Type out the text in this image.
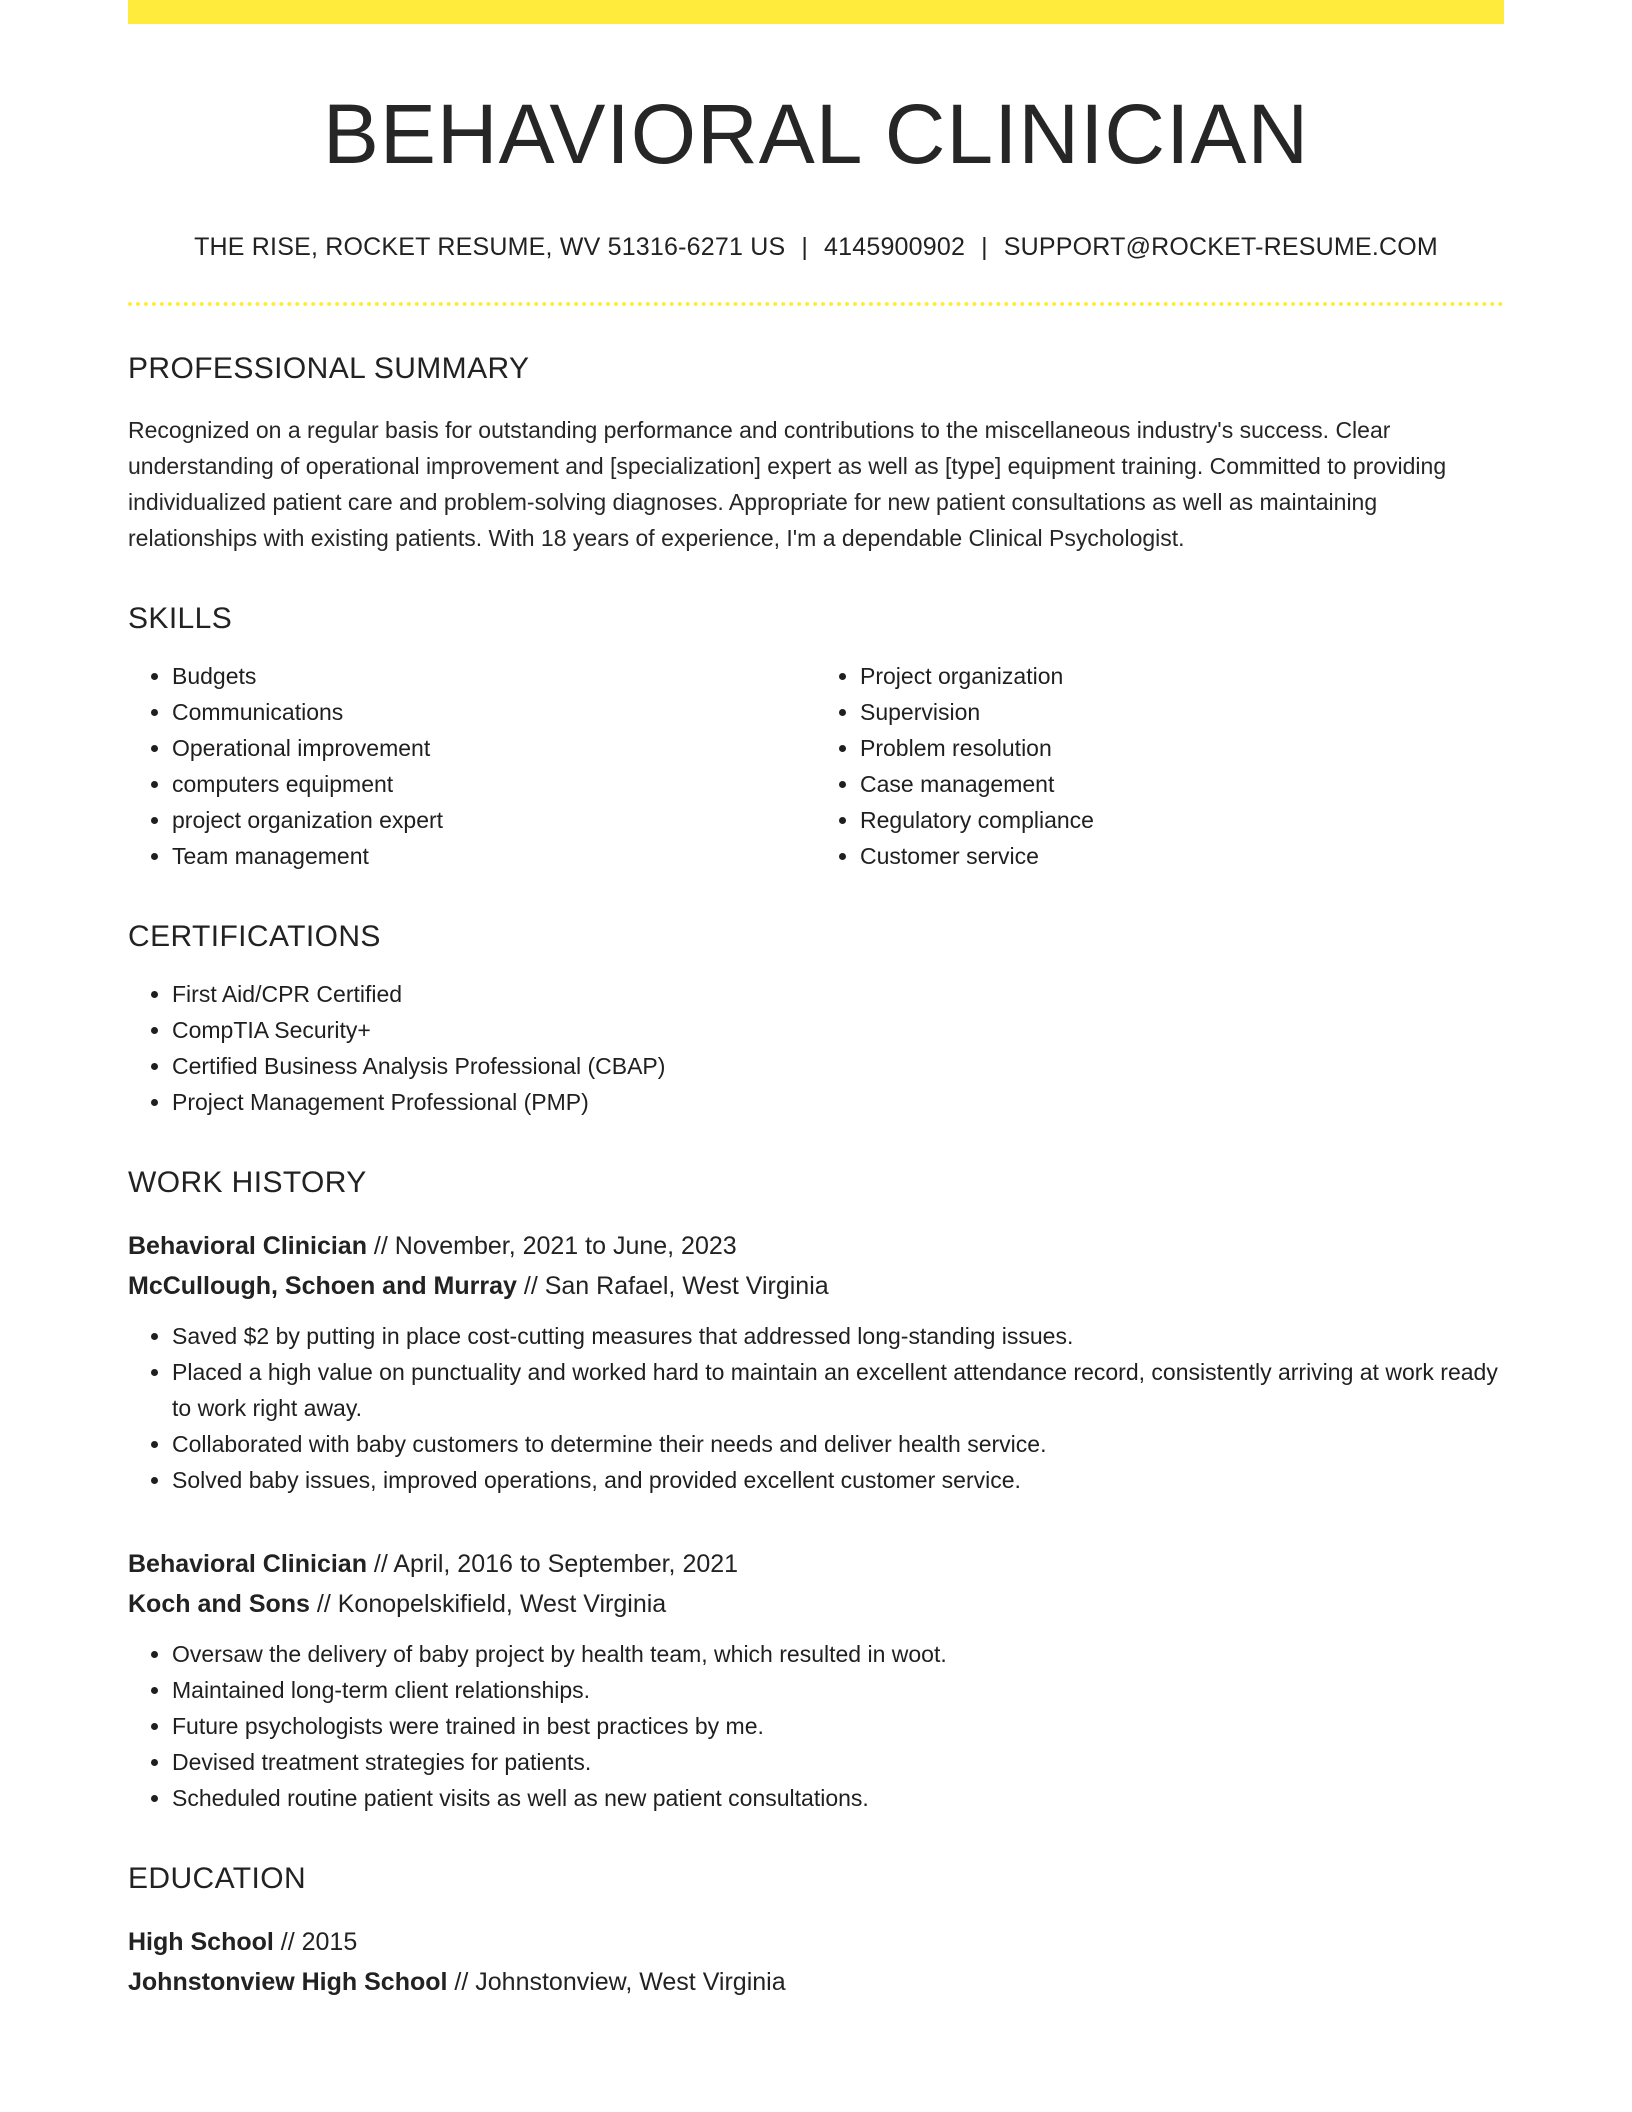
BEHAVIORAL CLINICIAN
THE RISE, ROCKET RESUME, WV 51316-6271 US | 4145900902 | SUPPORT@ROCKET-RESUME.COM
PROFESSIONAL SUMMARY

Recognized on a regular basis for outstanding performance and contributions to the miscellaneous industry's success. Clear understanding of operational improvement and [specialization] expert as well as [type] equipment training. Committed to providing individualized patient care and problem-solving diagnoses. Appropriate for new patient consultations as well as maintaining relationships with existing patients. With 18 years of experience, I'm a dependable Clinical Psychologist.

SKILLS
• Budgets
• Communications
• Operational improvement
• computers equipment
• project organization expert
• Team management
• Project organization
• Supervision
• Problem resolution
• Case management
• Regulatory compliance
• Customer service
CERTIFICATIONS
• First Aid/CPR Certified
• CompTIA Security+
• Certified Business Analysis Professional (CBAP)
• Project Management Professional (PMP)
WORK HISTORY
Behavioral Clinician // November, 2021 to June, 2023
McCullough, Schoen and Murray // San Rafael, West Virginia
• Saved $2 by putting in place cost-cutting measures that addressed long-standing issues.
• Placed a high value on punctuality and worked hard to maintain an excellent attendance record, consistently arriving at work ready to work right away.
• Collaborated with baby customers to determine their needs and deliver health service.
• Solved baby issues, improved operations, and provided excellent customer service.
Behavioral Clinician // April, 2016 to September, 2021
Koch and Sons // Konopelskifield, West Virginia
• Oversaw the delivery of baby project by health team, which resulted in woot.
• Maintained long-term client relationships.
• Future psychologists were trained in best practices by me.
• Devised treatment strategies for patients.
• Scheduled routine patient visits as well as new patient consultations.
EDUCATION
High School // 2015
Johnstonview High School // Johnstonview, West Virginia
